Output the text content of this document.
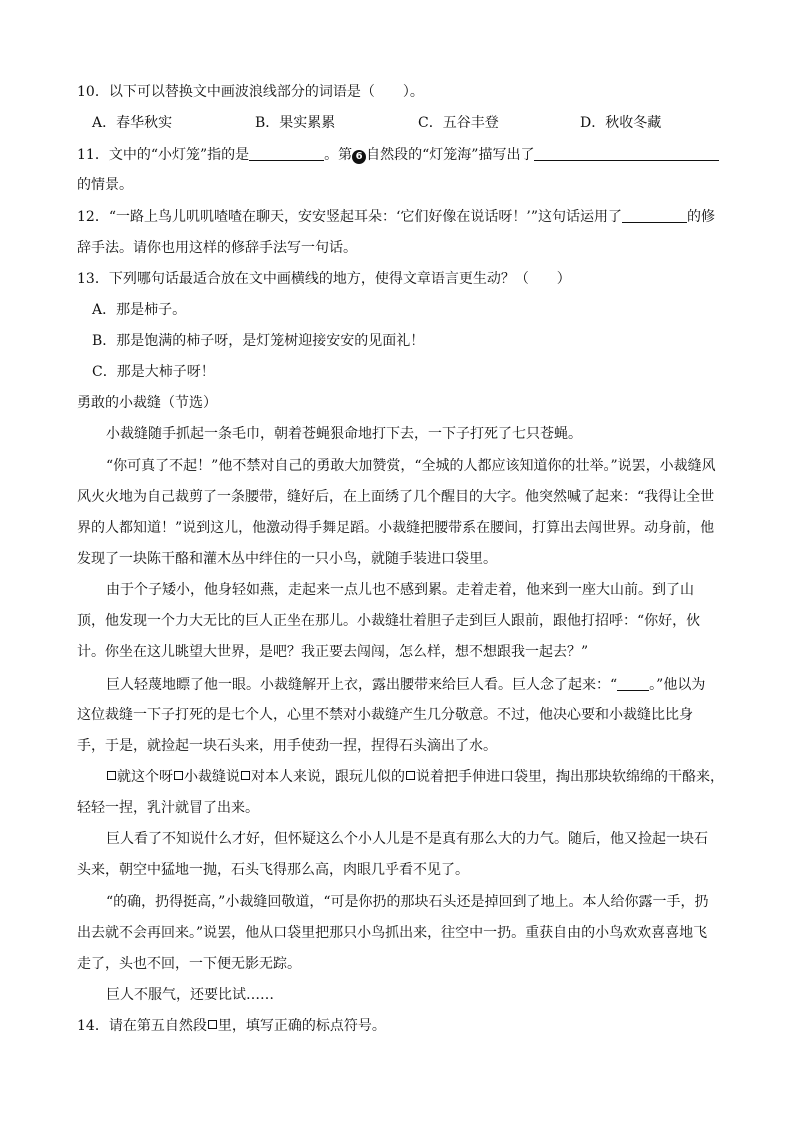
10．以下可以替换文中画波浪线部分的词语是（　　）。
A．春华秋实	B．果实累累	C．五谷丰登	D．秋收冬藏
11．文中的“小灯笼”指的是	。第 6 自然段的“灯笼海”描写出了
的情景。
12．“一路上鸟儿叽叽喳喳在聊天，安安竖起耳朵：‘它们好像在说话呀！’”这句话运用了	的修
辞手法。请你也用这样的修辞手法写一句话。
13．下列哪句话最适合放在文中画横线的地方，使得文章语言更生动？（　　）
A．那是柿子。
B．那是饱满的柿子呀，是灯笼树迎接安安的见面礼！
C．那是大柿子呀！
勇敢的小裁缝（节选）
小裁缝随手抓起一条毛巾，朝着苍蝇狠命地打下去，一下子打死了七只苍蝇。
“你可真了不起！”他不禁对自己的勇敢大加赞赏，“全城的人都应该知道你的壮举。”说罢，小裁缝风
风火火地为自己裁剪了一条腰带，缝好后，在上面绣了几个醒目的大字。他突然喊了起来：“我得让全世
界的人都知道！”说到这儿，他激动得手舞足蹈。小裁缝把腰带系在腰间，打算出去闯世界。动身前，他
发现了一块陈干酪和灌木丛中绊住的一只小鸟，就随手装进口袋里。
由于个子矮小，他身轻如燕，走起来一点儿也不感到累。走着走着，他来到一座大山前。到了山
顶，他发现一个力大无比的巨人正坐在那儿。小裁缝壮着胆子走到巨人跟前，跟他打招呼：“你好，伙
计。你坐在这儿眺望大世界，是吧？我正要去闯闯，怎么样，想不想跟我一起去？”
巨人轻蔑地瞟了他一眼。小裁缝解开上衣，露出腰带来给巨人看。巨人念了起来：“ 。”他以为
这位裁缝一下子打死的是七个人，心里不禁对小裁缝产生几分敬意。不过，他决心要和小裁缝比比身
手，于是，就捡起一块石头来，用手使劲一捏，捏得石头滴出了水。
就这个呀 小裁缝说 对本人来说，跟玩儿似的 说着把手伸进口袋里，掏出那块软绵绵的干酪来，
轻轻一捏，乳汁就冒了出来。
巨人看了不知说什么才好，但怀疑这么个小人儿是不是真有那么大的力气。随后，他又捡起一块石
头来，朝空中猛地一抛，石头飞得那么高，肉眼几乎看不见了。
“的确，扔得挺高，”小裁缝回敬道，“可是你扔的那块石头还是掉回到了地上。本人给你露一手，扔
出去就不会再回来。”说罢，他从口袋里把那只小鸟抓出来，往空中一扔。重获自由的小鸟欢欢喜喜地飞
走了，头也不回，一下便无影无踪。
巨人不服气，还要比试……
14．请在第五自然段 里，填写正确的标点符号。
